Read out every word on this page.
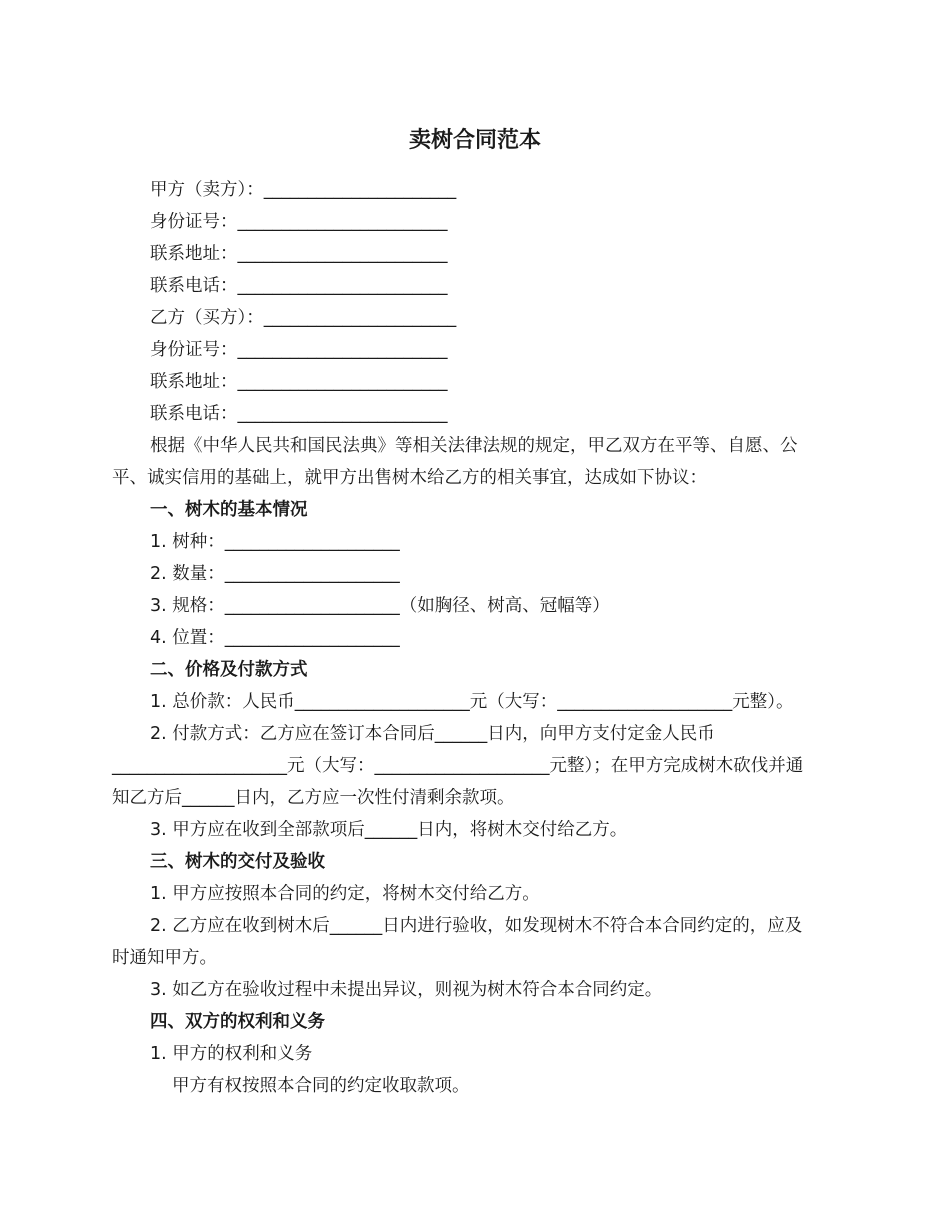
卖树合同范本
甲方（卖方）：______________________
身份证号：________________________
联系地址：________________________
联系电话：________________________
乙方（买方）：______________________
身份证号：________________________
联系地址：________________________
联系电话：________________________
根据《中华人民共和国民法典》等相关法律法规的规定，甲乙双方在平等、自愿、公
平、诚实信用的基础上，就甲方出售树木给乙方的相关事宜，达成如下协议：
一、树木的基本情况
1. 树种：____________________
2. 数量：____________________
3. 规格：____________________（如胸径、树高、冠幅等）
4. 位置：____________________
二、价格及付款方式
1. 总价款：人民币____________________元（大写：____________________元整）。
2. 付款方式：乙方应在签订本合同后______日内，向甲方支付定金人民币
____________________元（大写：____________________元整）；在甲方完成树木砍伐并通
知乙方后______日内，乙方应一次性付清剩余款项。
3. 甲方应在收到全部款项后______日内，将树木交付给乙方。
三、树木的交付及验收
1. 甲方应按照本合同的约定，将树木交付给乙方。
2. 乙方应在收到树木后______日内进行验收，如发现树木不符合本合同约定的，应及
时通知甲方。
3. 如乙方在验收过程中未提出异议，则视为树木符合本合同约定。
四、双方的权利和义务
1. 甲方的权利和义务
甲方有权按照本合同的约定收取款项。
